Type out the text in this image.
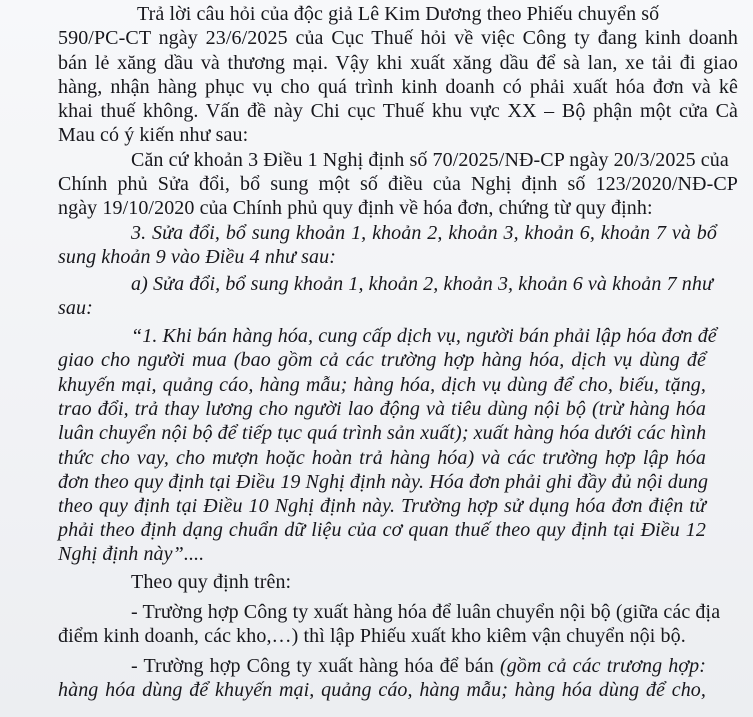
Trả lời câu hỏi của độc giả Lê Kim Dương theo Phiếu chuyển số
590/PC-CT ngày 23/6/2025 của Cục Thuế hỏi về việc Công ty đang kinh doanh
bán lẻ xăng dầu và thương mại. Vậy khi xuất xăng dầu để sà lan, xe tải đi giao
hàng, nhận hàng phục vụ cho quá trình kinh doanh có phải xuất hóa đơn và kê
khai thuế không. Vấn đề này Chi cục Thuế khu vực XX – Bộ phận một cửa Cà
Mau có ý kiến như sau:
Căn cứ khoản 3 Điều 1 Nghị định số 70/2025/NĐ-CP ngày 20/3/2025 của
Chính phủ Sửa đổi, bổ sung một số điều của Nghị định số 123/2020/NĐ-CP
ngày 19/10/2020 của Chính phủ quy định về hóa đơn, chứng từ quy định:
3. Sửa đổi, bổ sung khoản 1, khoản 2, khoản 3, khoản 6, khoản 7 và bổ
sung khoản 9 vào Điều 4 như sau:
a) Sửa đổi, bổ sung khoản 1, khoản 2, khoản 3, khoản 6 và khoản 7 như
sau:
“1. Khi bán hàng hóa, cung cấp dịch vụ, người bán phải lập hóa đơn để
giao cho người mua (bao gồm cả các trường hợp hàng hóa, dịch vụ dùng để
khuyến mại, quảng cáo, hàng mẫu; hàng hóa, dịch vụ dùng để cho, biếu, tặng,
trao đổi, trả thay lương cho người lao động và tiêu dùng nội bộ (trừ hàng hóa
luân chuyển nội bộ để tiếp tục quá trình sản xuất); xuất hàng hóa dưới các hình
thức cho vay, cho mượn hoặc hoàn trả hàng hóa) và các trường hợp lập hóa
đơn theo quy định tại Điều 19 Nghị định này. Hóa đơn phải ghi đầy đủ nội dung
theo quy định tại Điều 10 Nghị định này. Trường hợp sử dụng hóa đơn điện tử
phải theo định dạng chuẩn dữ liệu của cơ quan thuế theo quy định tại Điều 12
Nghị định này”....
Theo quy định trên:
- Trường hợp Công ty xuất hàng hóa để luân chuyển nội bộ (giữa các địa
điểm kinh doanh, các kho,…) thì lập Phiếu xuất kho kiêm vận chuyển nội bộ.
- Trường hợp Công ty xuất hàng hóa để bán (gồm cả các trương hợp:
hàng hóa dùng để khuyến mại, quảng cáo, hàng mẫu; hàng hóa dùng để cho,
